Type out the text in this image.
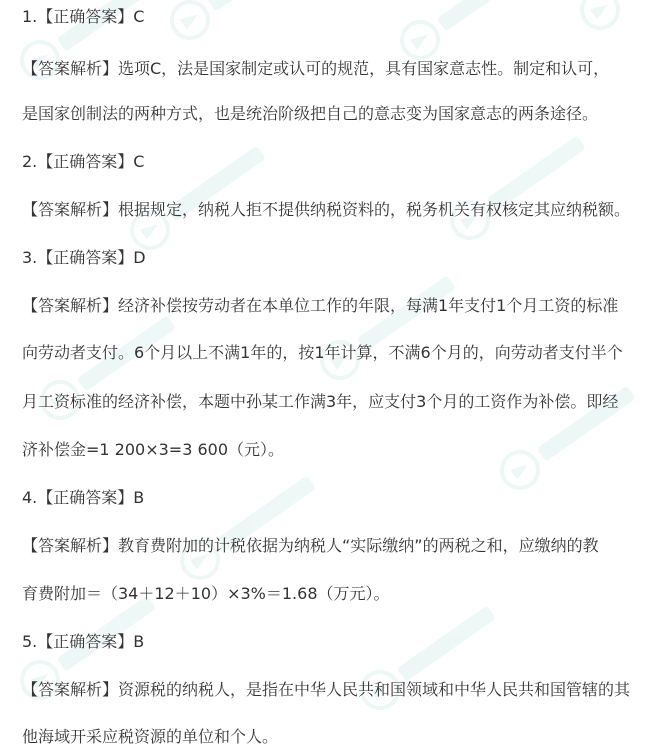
1.【正确答案】C
【答案解析】选项C，法是国家制定或认可的规范，具有国家意志性。制定和认可，
是国家创制法的两种方式，也是统治阶级把自己的意志变为国家意志的两条途径。
2.【正确答案】C
【答案解析】根据规定，纳税人拒不提供纳税资料的，税务机关有权核定其应纳税额。
3.【正确答案】D
【答案解析】经济补偿按劳动者在本单位工作的年限，每满1年支付1个月工资的标准
向劳动者支付。6个月以上不满1年的，按1年计算，不满6个月的，向劳动者支付半个
月工资标准的经济补偿，本题中孙某工作满3年，应支付3个月的工资作为补偿。即经
济补偿金=1 200×3=3 600（元）。
4.【正确答案】B
【答案解析】教育费附加的计税依据为纳税人“实际缴纳”的两税之和，应缴纳的教
育费附加＝（34＋12＋10）×3%＝1.68（万元）。
5.【正确答案】B
【答案解析】资源税的纳税人，是指在中华人民共和国领域和中华人民共和国管辖的其
他海域开采应税资源的单位和个人。
